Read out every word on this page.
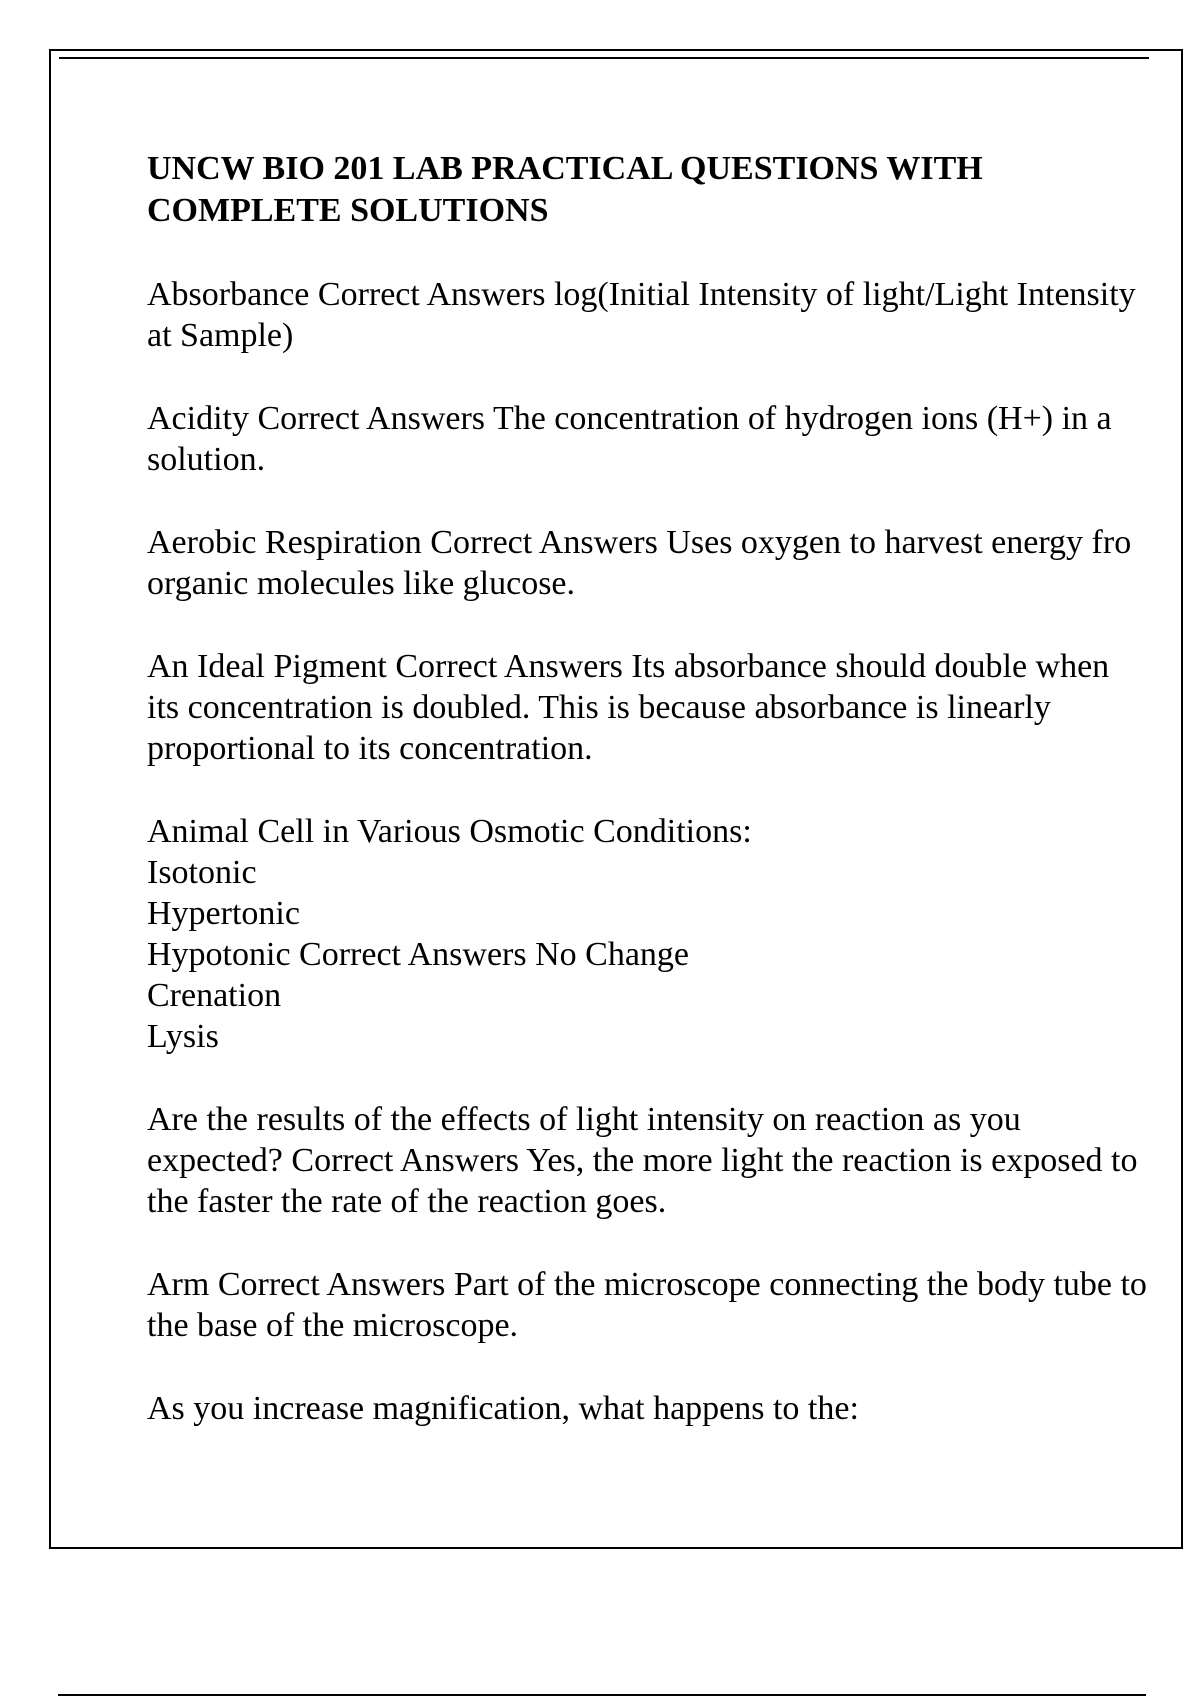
UNCW BIO 201 LAB PRACTICAL QUESTIONS WITH COMPLETE SOLUTIONS
Absorbance Correct Answers log(Initial Intensity of light/Light Intensity at Sample)
Acidity Correct Answers The concentration of hydrogen ions (H+) in a solution.
Aerobic Respiration Correct Answers Uses oxygen to harvest energy fro organic molecules like glucose.
An Ideal Pigment Correct Answers Its absorbance should double when its concentration is doubled. This is because absorbance is linearly proportional to its concentration.
Animal Cell in Various Osmotic Conditions:
Isotonic
Hypertonic
Hypotonic Correct Answers No Change
Crenation
Lysis
Are the results of the effects of light intensity on reaction as you expected? Correct Answers Yes, the more light the reaction is exposed to the faster the rate of the reaction goes.
Arm Correct Answers Part of the microscope connecting the body tube to the base of the microscope.
As you increase magnification, what happens to the:
